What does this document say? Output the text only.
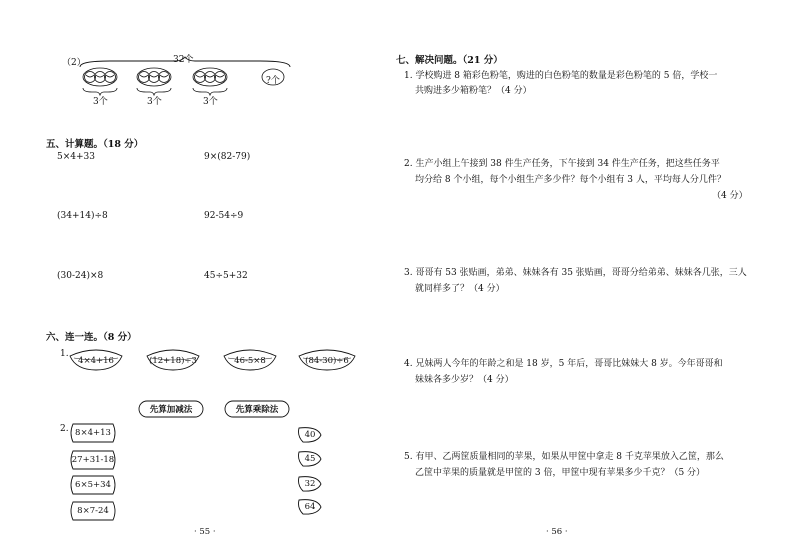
（2）	32个
?个
3个	3个	3个
五、计算题。（18 分）
5×4+33	9×(82-79)
(34+14)÷8	92-54÷9
(30-24)×8	45÷5+32
六、连一连。（8 分）
1.
4×4+16	(12+18)÷3	46-5×8	(84-30)÷6
先算加减法	先算乘除法
2. 8×4+13
27+31-18
6×5+34
8×7-24
40
45
32
64
· 55 ·
七、解决问题。（21 分）
1. 学校购进 8 箱彩色粉笔，购进的白色粉笔的数量是彩色粉笔的 5 倍，学校一
共购进多少箱粉笔？（4 分）
2. 生产小组上午接到 38 件生产任务，下午接到 34 件生产任务，把这些任务平
均分给 8 个小组，每个小组生产多少件？每个小组有 3 人，平均每人分几件？
（4 分）
3. 哥哥有 53 张贴画，弟弟、妹妹各有 35 张贴画，哥哥分给弟弟、妹妹各几张，三人
就同样多了？（4 分）
4. 兄妹两人今年的年龄之和是 18 岁，5 年后，哥哥比妹妹大 8 岁。今年哥哥和
妹妹各多少岁？（4 分）
5. 有甲、乙两筐质量相同的苹果，如果从甲筐中拿走 8 千克苹果放入乙筐，那么
乙筐中苹果的质量就是甲筐的 3 倍，甲筐中现有苹果多少千克？（5 分）
· 56 ·
